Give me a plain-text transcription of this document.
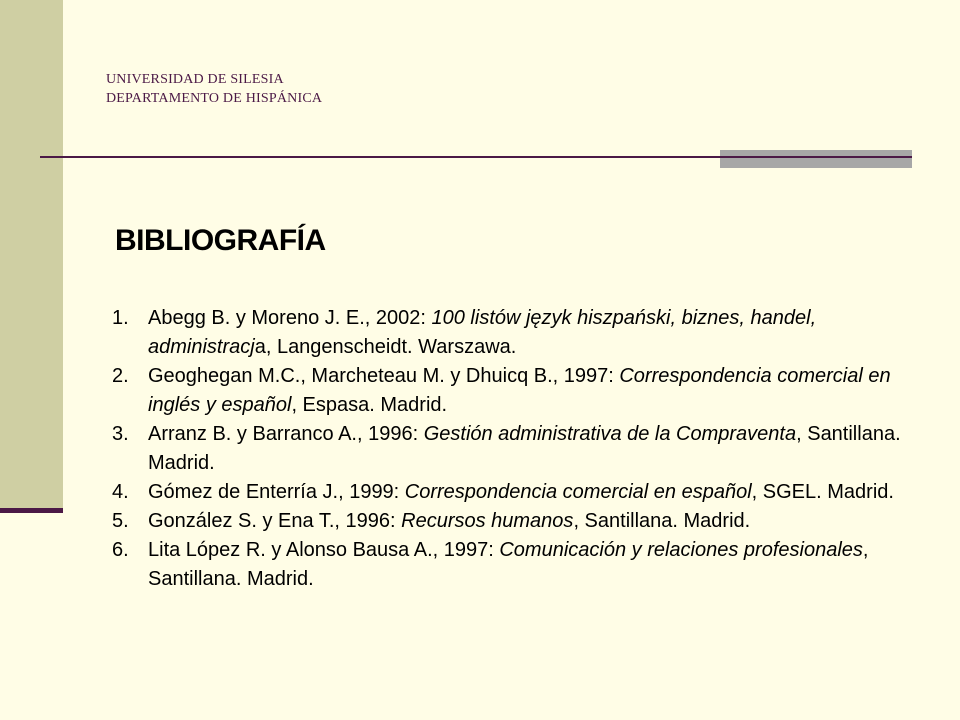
UNIVERSIDAD DE SILESIA
DEPARTAMENTO DE HISPÁNICA
BIBLIOGRAFÍA
1. Abegg B. y Moreno J. E., 2002: 100 listów język hiszpański, biznes, handel, administracja, Langenscheidt. Warszawa.
2. Geoghegan M.C., Marcheteau M. y Dhuicq B., 1997: Correspondencia comercial en inglés y español, Espasa. Madrid.
3. Arranz B. y Barranco A., 1996: Gestión administrativa de la Compraventa, Santillana. Madrid.
4. Gómez de Enterría J., 1999: Correspondencia comercial en español, SGEL. Madrid.
5. González S. y Ena T., 1996: Recursos humanos, Santillana. Madrid.
6. Lita López R. y Alonso Bausa A., 1997: Comunicación y relaciones profesionales, Santillana. Madrid.
